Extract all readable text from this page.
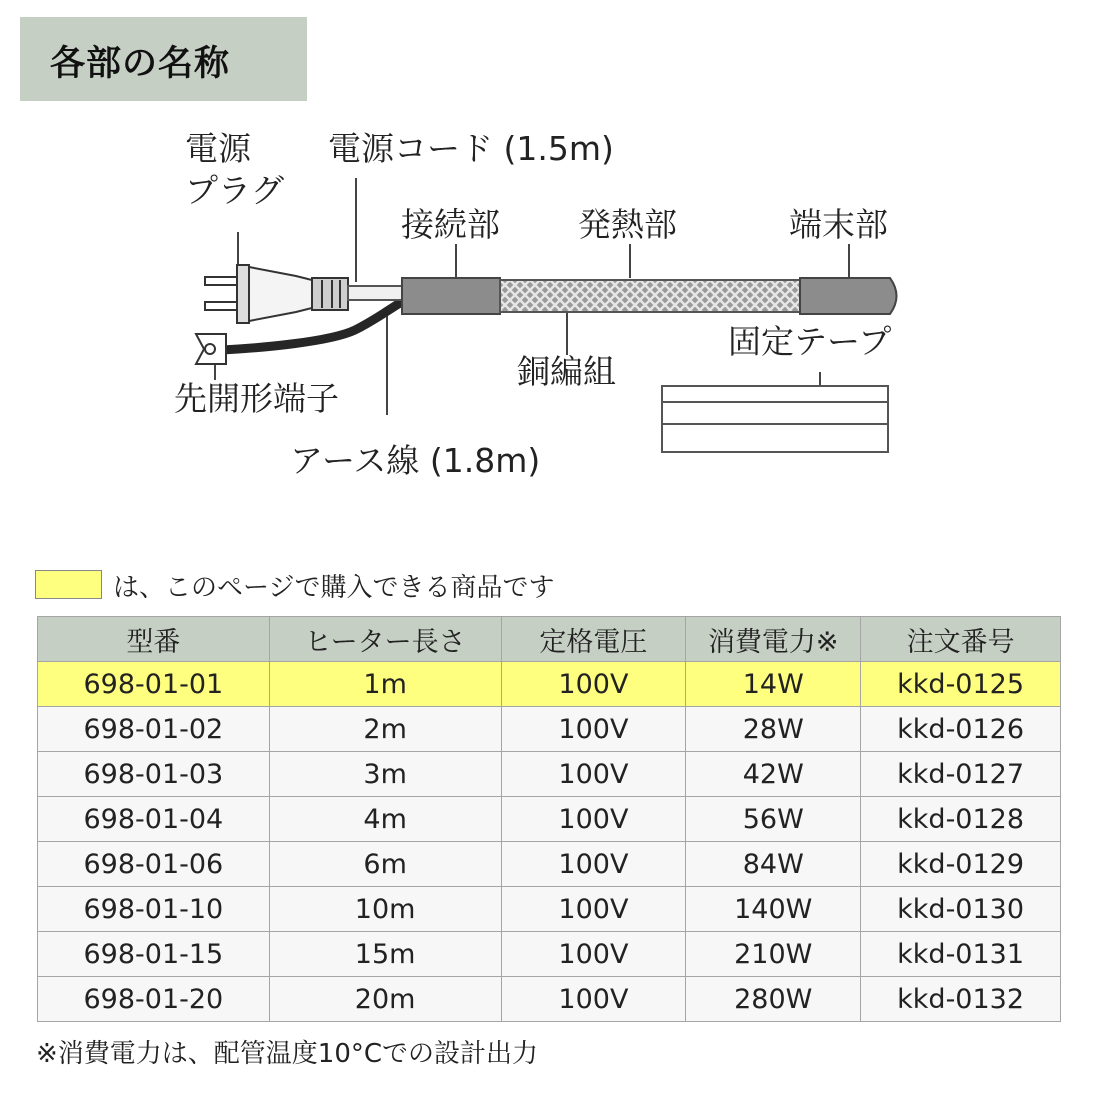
各部の名称
電源
プラグ
電源コード (1.5m)
接続部 発熱部	端末部
銅編組
固定テープ
先開形端子
アース線 (1.8m)
は、このページで購入できる商品です
型番	ヒーター長さ	定格電圧	消費電力※	注文番号
698-01-01	1m	100V	14W	kkd-0125
698-01-02	2m	100V	28W	kkd-0126
698-01-03	3m	100V	42W	kkd-0127
698-01-04	4m	100V	56W	kkd-0128
698-01-06	6m	100V	84W	kkd-0129
698-01-10	10m	100V	140W	kkd-0130
698-01-15	15m	100V	210W	kkd-0131
698-01-20	20m	100V	280W	kkd-0132
※消費電力は、配管温度10°Cでの設計出力
